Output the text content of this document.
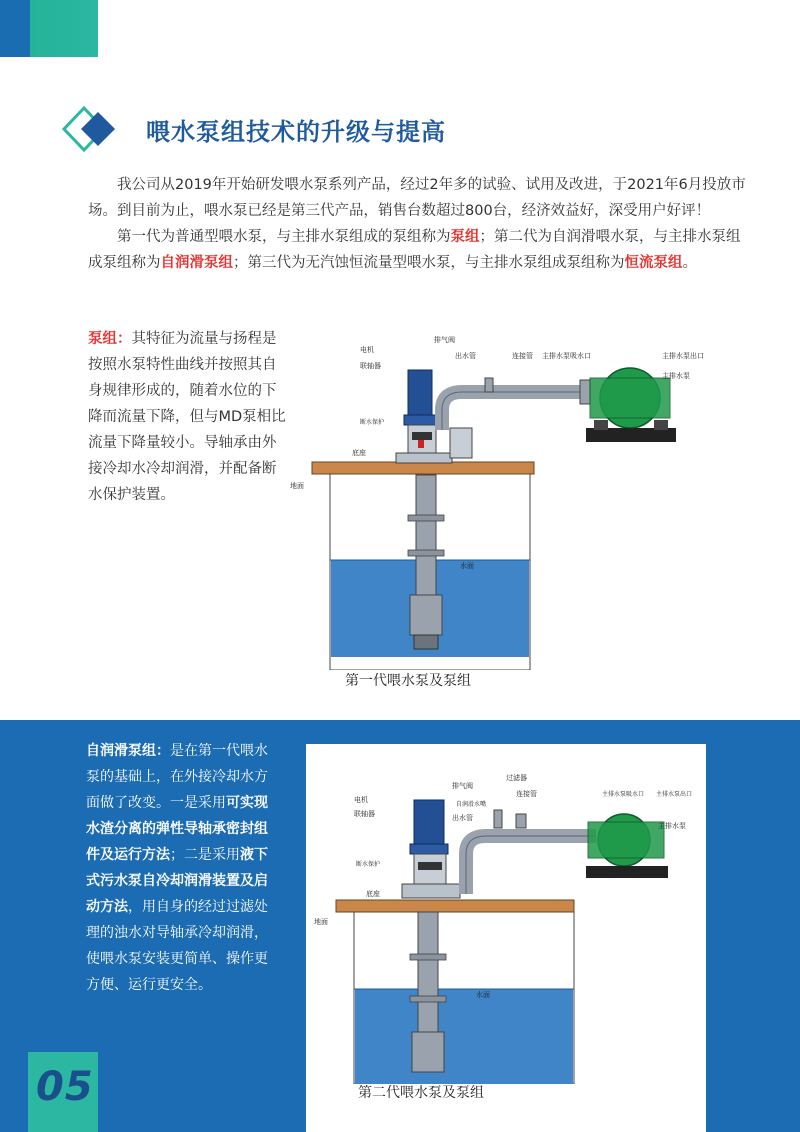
喂水泵组技术的升级与提高

我公司从2019年开始研发喂水泵系列产品，经过2年多的试验、试用及改进，于2021年6月投放市场。到目前为止，喂水泵已经是第三代产品，销售台数超过800台，经济效益好，深受用户好评！

第一代为普通型喂水泵，与主排水泵组成的泵组称为泵组；第二代为自润滑喂水泵，与主排水泵组成泵组称为自润滑泵组；第三代为无汽蚀恒流量型喂水泵，与主排水泵组成泵组称为恒流泵组。

泵组：其特征为流量与扬程是按照水泵特性曲线并按照其自身规律形成的，随着水位的下降而流量下降，但与MD泵相比流量下降量较小。导轴承由外接冷却水冷却润滑，并配备断水保护装置。
电机
联轴器
排气阀
出水管	连接管 主排水泵吸水口	主排水泵出口
主排水泵
断水保护
底座
地面
水面
第一代喂水泵及泵组
自润滑泵组：是在第一代喂水泵的基础上，在外接冷却水方面做了改变。一是采用可实现水渣分离的弹性导轴承密封组件及运行方法；二是采用液下式污水泵自冷却润滑装置及启动方法，用自身的经过过滤处理的浊水对导轴承冷却润滑，使喂水泵安装更简单、操作更方便、运行更安全。
电机
联轴器
排气阀
自润滑水嘴
出水管
过滤器
连接管	主排水泵吸水口 主排水泵出口
主排水泵
断水保护
底座
地面
水面
第二代喂水泵及泵组
05
